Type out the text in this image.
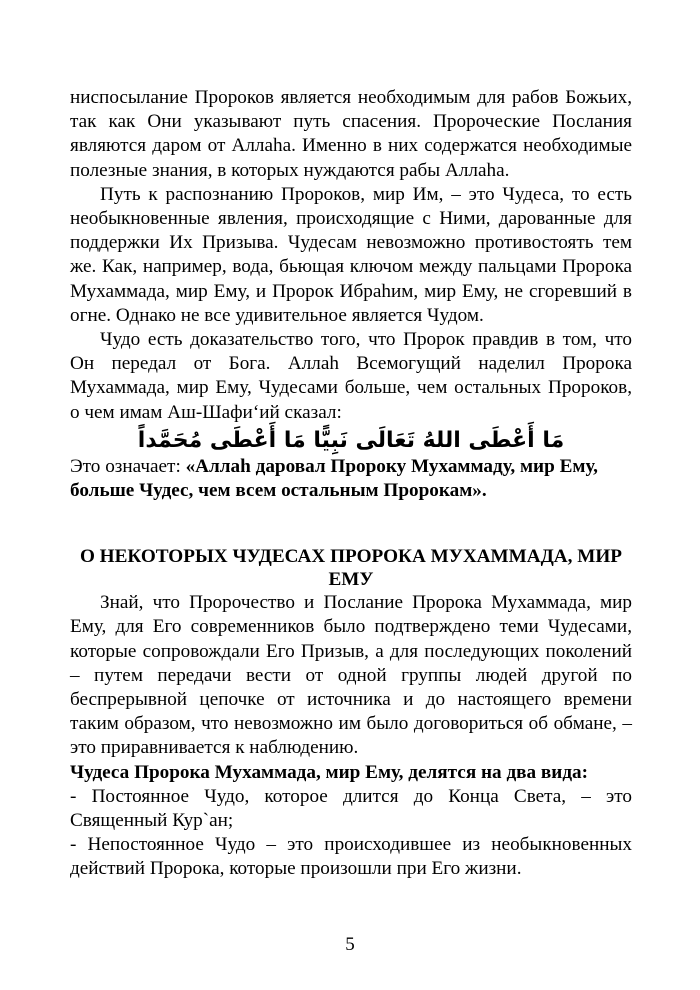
ниспосылание Пророков является необходимым для рабов Божьих, так как Они указывают путь спасения. Пророческие Послания являются даром от Аллаhа. Именно в них содержатся необходимые полезные знания, в которых нуждаются рабы Аллаhа.

Путь к распознанию Пророков, мир Им, – это Чудеса, то есть необыкновенные явления, происходящие с Ними, дарованные для поддержки Их Призыва. Чудесам невозможно противостоять тем же. Как, например, вода, бьющая ключом между пальцами Пророка Мухаммада, мир Ему, и Пророк Ибраhим, мир Ему, не сгоревший в огне. Однако не все удивительное является Чудом.

Чудо есть доказательство того, что Пророк правдив в том, что Он передал от Бога. Аллаh Всемогущий наделил Пророка Мухаммада, мир Ему, Чудесами больше, чем остальных Пророков, о чем имам Аш-Шафи‘ий сказал:

مَا أَعْطَى اللهُ تَعَالَى نَبِيًّا مَا أَعْطَى مُحَمَّداً

Это означает: «Аллаh даровал Пророку Мухаммаду, мир Ему, больше Чудес, чем всем остальным Пророкам».

О НЕКОТОРЫХ ЧУДЕСАХ ПРОРОКА МУХАММАДА, МИР ЕМУ

Знай, что Пророчество и Послание Пророка Мухаммада, мир Ему, для Его современников было подтверждено теми Чудесами, которые сопровождали Его Призыв, а для последующих поколений – путем передачи вести от одной группы людей другой по беспрерывной цепочке от источника и до настоящего времени таким образом, что невозможно им было договориться об обмане, – это приравнивается к наблюдению.

Чудеса Пророка Мухаммада, мир Ему, делятся на два вида:

- Постоянное Чудо, которое длится до Конца Света, – это Священный Кур`ан;

- Непостоянное Чудо – это происходившее из необыкновенных действий Пророка, которые произошли при Его жизни.

5
